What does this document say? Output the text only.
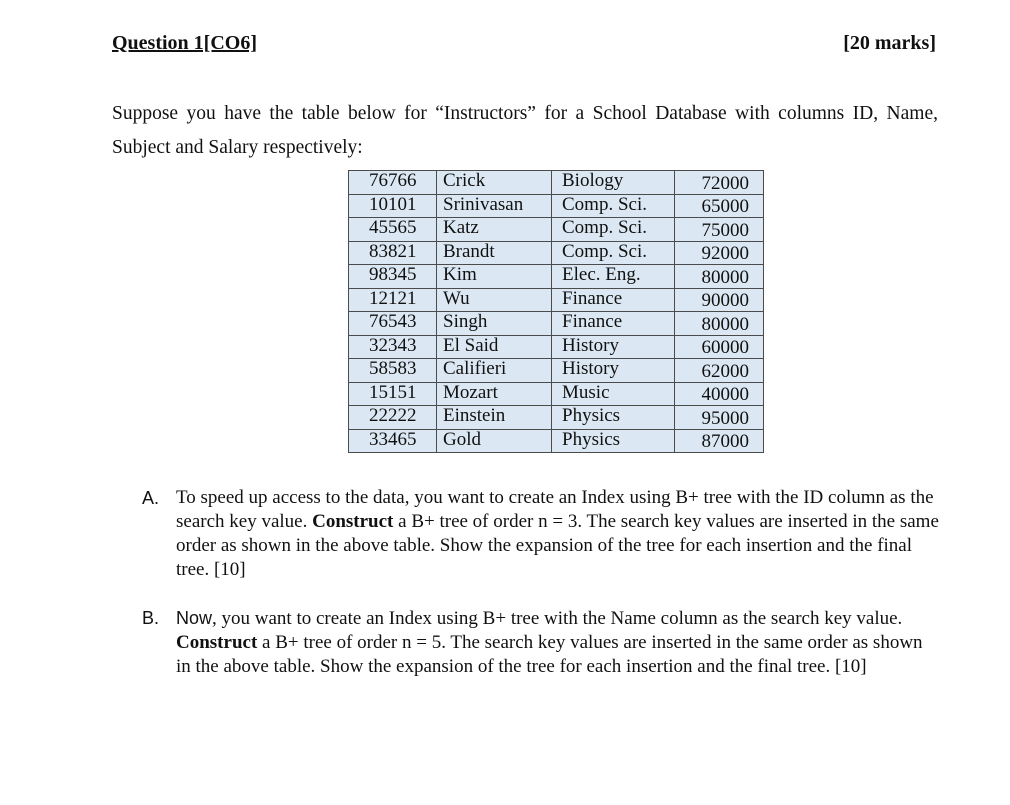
Question 1[CO6]	[20 marks]
Suppose you have the table below for “Instructors” for a School Database with columns ID, Name, Subject and Salary respectively:
76766	Crick	Biology	72000
10101	Srinivasan	Comp. Sci.	65000
45565	Katz	Comp. Sci.	75000
83821	Brandt	Comp. Sci.	92000
98345	Kim	Elec. Eng.	80000
12121	Wu	Finance	90000
76543	Singh	Finance	80000
32343	El Said	History	60000
58583	Califieri	History	62000
15151	Mozart	Music	40000
22222	Einstein	Physics	95000
33465	Gold	Physics	87000
A. To speed up access to the data, you want to create an Index using B+ tree with the ID column as the search key value. Construct a B+ tree of order n = 3. The search key values are inserted in the same order as shown in the above table. Show the expansion of the tree for each insertion and the final tree. [10]
B. Now, you want to create an Index using B+ tree with the Name column as the search key value. Construct a B+ tree of order n = 5. The search key values are inserted in the same order as shown in the above table. Show the expansion of the tree for each insertion and the final tree. [10]
